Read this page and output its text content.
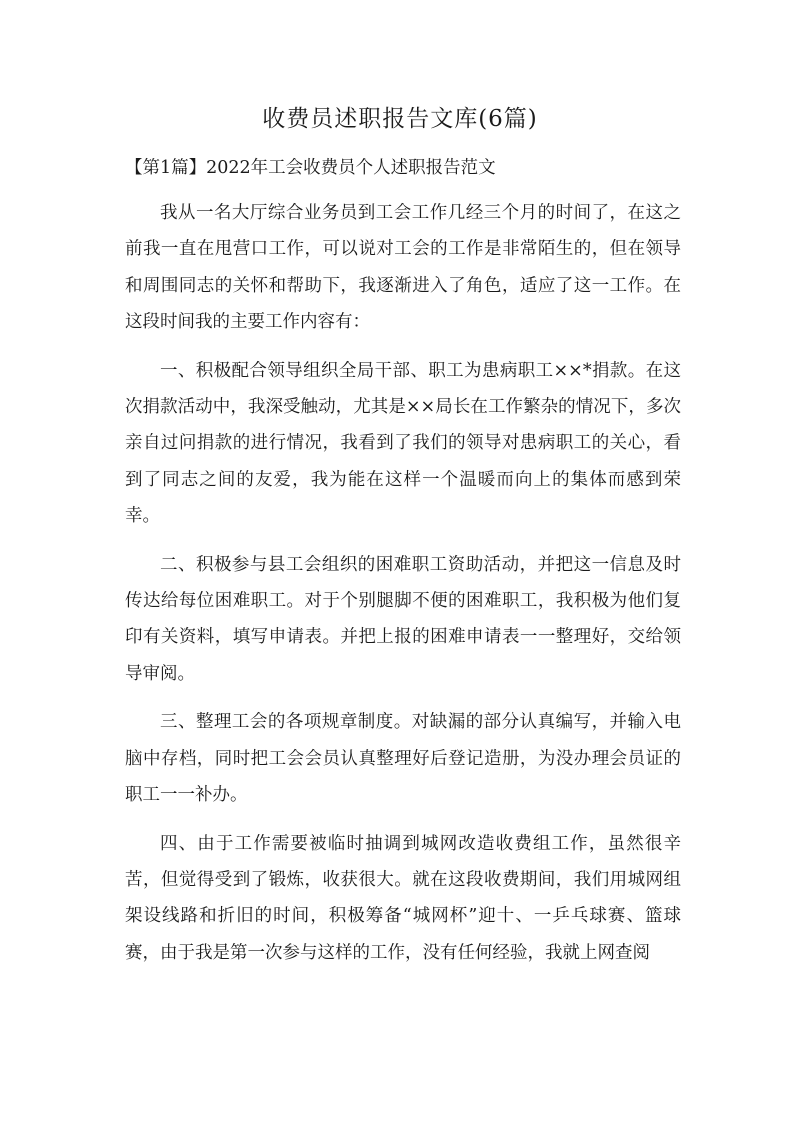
收费员述职报告文库(6篇)
【第1篇】2022年工会收费员个人述职报告范文

我从一名大厅综合业务员到工会工作几经三个月的时间了，在这之前我一直在甩营口工作，可以说对工会的工作是非常陌生的，但在领导和周围同志的关怀和帮助下，我逐渐进入了角色，适应了这一工作。在这段时间我的主要工作内容有：

一、积极配合领导组织全局干部、职工为患病职工××*捐款。在这次捐款活动中，我深受触动，尤其是××局长在工作繁杂的情况下，多次亲自过问捐款的进行情况，我看到了我们的领导对患病职工的关心，看到了同志之间的友爱，我为能在这样一个温暖而向上的集体而感到荣幸。

二、积极参与县工会组织的困难职工资助活动，并把这一信息及时传达给每位困难职工。对于个别腿脚不便的困难职工，我积极为他们复印有关资料，填写申请表。并把上报的困难申请表一一整理好，交给领导审阅。

三、整理工会的各项规章制度。对缺漏的部分认真编写，并输入电脑中存档，同时把工会会员认真整理好后登记造册，为没办理会员证的职工一一补办。

四、由于工作需要被临时抽调到城网改造收费组工作，虽然很辛苦，但觉得受到了锻炼，收获很大。就在这段收费期间，我们用城网组架设线路和折旧的时间，积极筹备“城网杯”迎十、一乒乓球赛、篮球赛，由于我是第一次参与这样的工作，没有任何经验，我就上网查阅
